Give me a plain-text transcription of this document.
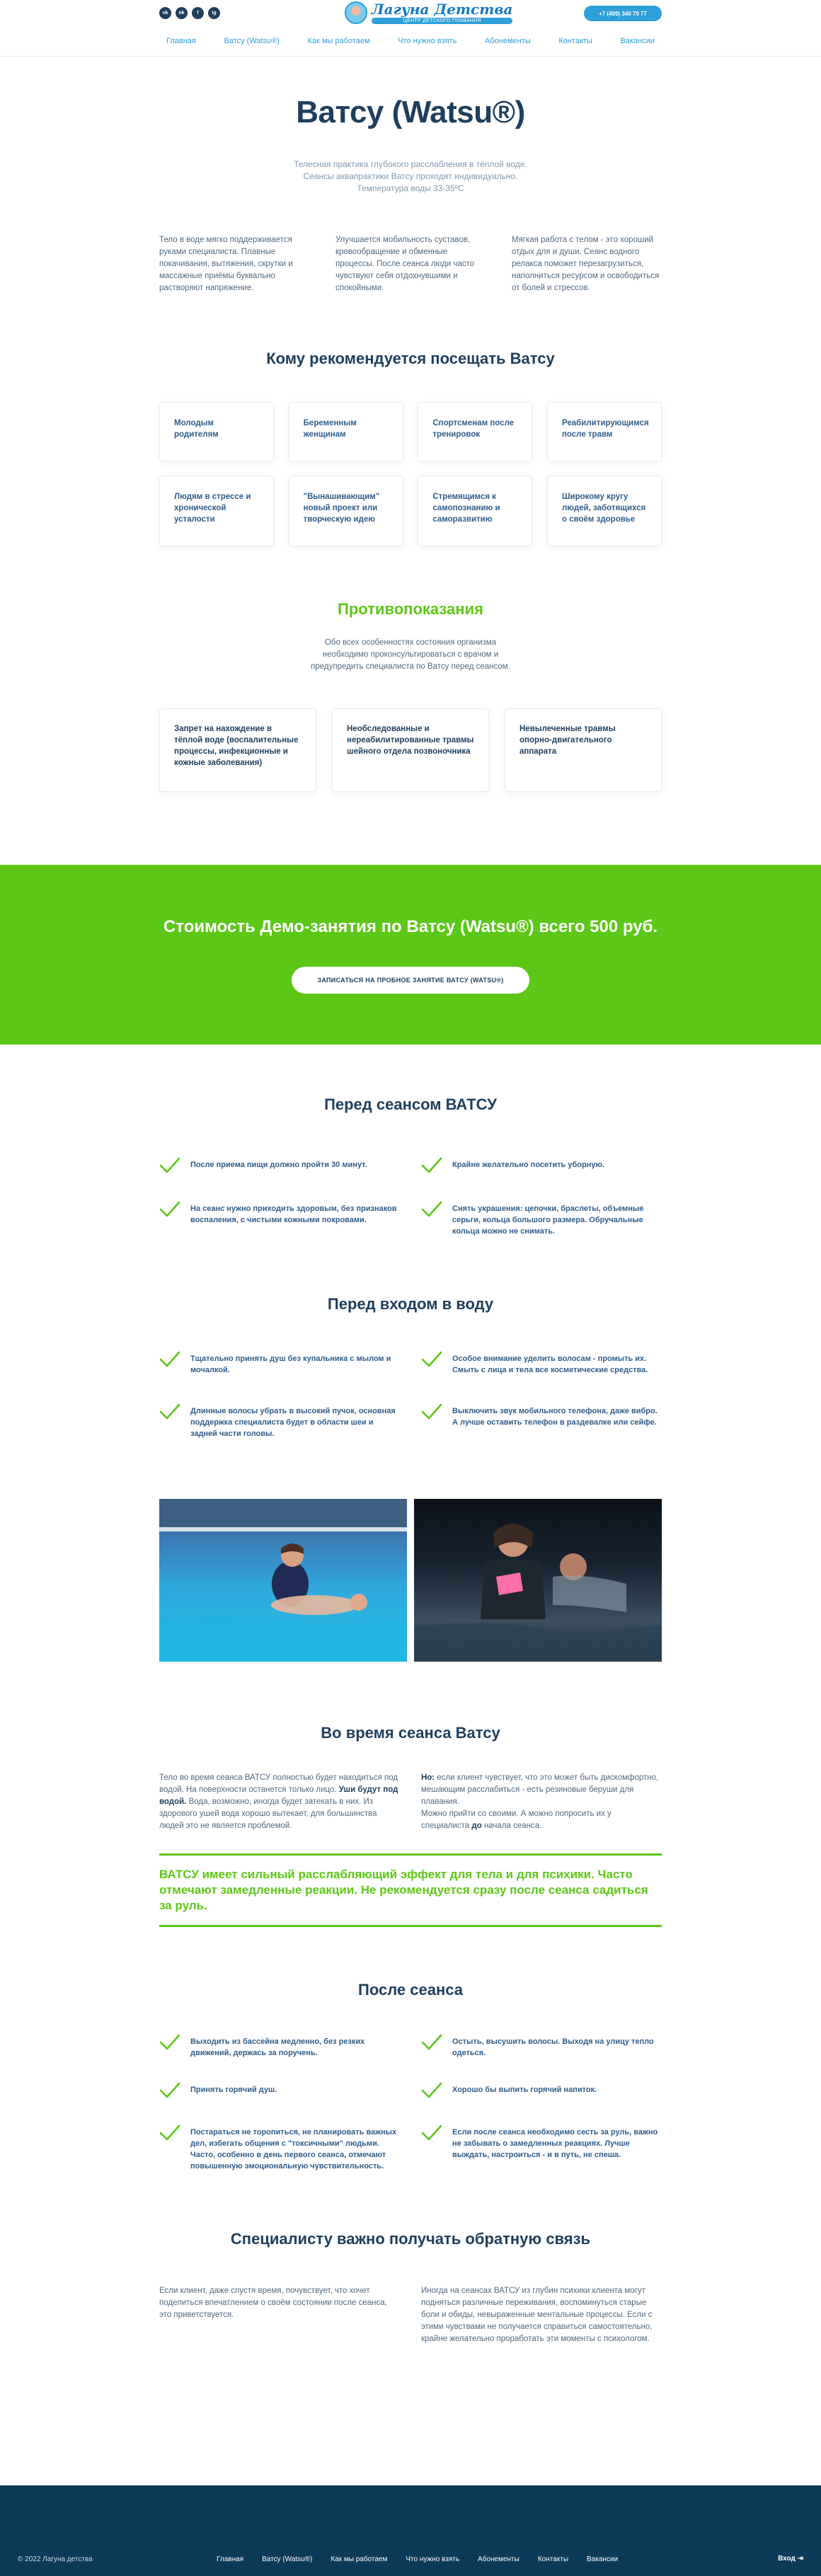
vk	ok	f	ig	Лагуна Детства
ЦЕНТР ДЕТСКОГО ПЛАВАНИЯ
+7 (499) 340 79 77
Главная	Ватсу (Watsu®)	Как мы работаем	Что нужно взять	Абонементы	Контакты	Вакансии
Ватсу (Watsu®)

Телесная практика глубокого расслабления в тёплой воде. Сеансы аквапрактики Ватсу проходят индивидуально. Температура воды 33-35ºС

Тело в воде мягко поддерживается руками специалиста. Плавные покачивания, вытяжения, скрутки и массажные приёмы буквально растворяют напряжение.

Улучшается мобильность суставов, кровообращение и обменные процессы. После сеанса люди часто чувствуют себя отдохнувшими и спокойными.

Мягкая работа с телом - это хороший отдых для и души. Сеанс водного релакса поможет перезагрузиться, наполниться ресурсом и освободиться от болей и стрессов.

Кому рекомендуется посещать Ватсу
Молодым родителям
Беременным женщинам
Спортсменам после тренировок
Реабилитирующимся после травм
Людям в стрессе и хронической усталости
"Вынашивающим" новый проект или творческую идею
Стремящимся к самопознанию и саморазвитию
Широкому кругу людей, заботящихся о своём здоровье
Противопоказания

Обо всех особенностях состояния организма необходимо проконсультироваться с врачом и предупредить специалиста по Ватсу перед сеансом.

Запрет на нахождение в тёплой воде (воспалительные процессы, инфекционные и кожные заболевания)
Необследованные и нереабилитированные травмы шейного отдела позвоночника
Невылеченные травмы опорно-двигательного аппарата
Стоимость Демо-занятия по Ватсу (Watsu®) всего 500 руб.
ЗАПИСАТЬСЯ НА ПРОБНОЕ ЗАНЯТИЕ ВАТСУ (WATSU®)
Перед сеансом ВАТСУ
После приема пищи должно пройти 30 минут.	Крайне желательно посетить уборную.
На сеанс нужно приходить здоровым, без признаков воспаления, с чистыми кожными покровами.
Снять украшения: цепочки, браслеты, объемные серьги, кольца большого размера. Обручальные кольца можно не снимать.
Перед входом в воду
Тщательно принять душ без купальника с мылом и мочалкой.
Особое внимание уделить волосам - промыть их. Смыть с лица и тела все косметические средства.
Длинные волосы убрать в высокий пучок, основная поддержка специалиста будет в области шеи и задней части головы.
Выключить звук мобильного телефона, даже вибро. А лучше оставить телефон в раздевалке или сейфе.
Во время сеанса Ватсу

Тело во время сеанса ВАТСУ полностью будет находиться под водой. На поверхности останется только лицо. Уши будут под водой. Вода, возможно, иногда будет затекать в них. Из здорового ушей вода хорошо вытекает, для большинства людей это не является проблемой.

Но: если клиент чувствует, что это может быть дискомфортно, мешающим расслабиться - есть резиновые беруши для плавания.
Можно прийти со своими. А можно попросить их у специалиста до начала сеанса.

ВАТСУ имеет сильный расслабляющий эффект для тела и для психики. Часто отмечают замедленные реакции. Не рекомендуется сразу после сеанса садиться за руль.
После сеанса
Выходить из бассейна медленно, без резких движений, держась за поручень.
Остыть, высушить волосы. Выходя на улицу тепло одеться.
Принять горячий душ.	Хорошо бы выпить горячий напиток.
Постараться не торопиться, не планировать важных дел, избегать общения с "токсичными" людьми. Часто, особенно в день первого сеанса, отмечают повышенную эмоциональную чувствительность.
Если после сеанса необходимо сесть за руль, важно не забывать о замедленных реакциях. Лучше выждать, настроиться - и в путь, не спеша.
Специалисту важно получать обратную связь

Если клиент, даже спустя время, почувствует, что хочет поделиться впечатлением о своём состоянии после сеанса, это приветствуется.

Иногда на сеансах ВАТСУ из глубин психики клиента могут подняться различные переживания, воспоминуться старые боли и обиды, невыраженные ментальные процессы. Если с этими чувствами не получается справиться самостоятельно, крайне желательно проработать эти моменты с психологом.

© 2022 Лагуна детства	Главная	Ватсу (Watsu®)	Как мы работаем	Что нужно взять	Абонементы	Контакты	Вакансии	Вход ⇥
